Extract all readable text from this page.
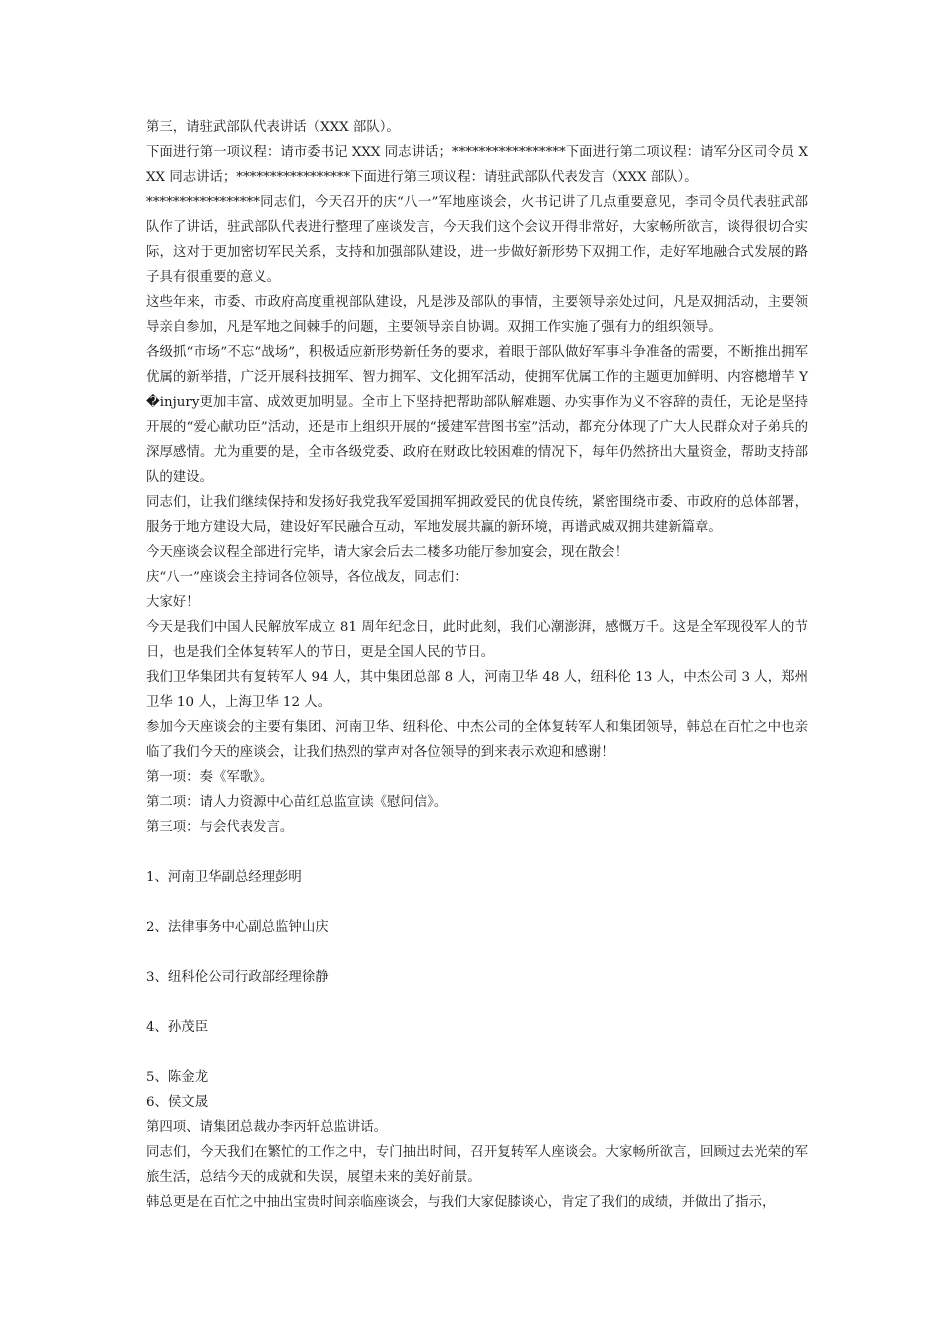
第三，请驻武部队代表讲话（XXX 部队）。

下面进行第一项议程：请市委书记 XXX 同志讲话；*****************下面进行第二项议程：请军分区司令员 XXX 同志讲话；*****************下面进行第三项议程：请驻武部队代表发言（XXX 部队）。

*****************同志们，今天召开的庆“八一”军地座谈会，火书记讲了几点重要意见，李司令员代表驻武部队作了讲话，驻武部队代表进行整理了座谈发言，今天我们这个会议开得非常好，大家畅所欲言，谈得很切合实际，这对于更加密切军民关系，支持和加强部队建设，进一步做好新形势下双拥工作，走好军地融合式发展的路子具有很重要的意义。

这些年来，市委、市政府高度重视部队建设，凡是涉及部队的事情，主要领导亲处过问，凡是双拥活动，主要领导亲自参加，凡是军地之间棘手的问题，主要领导亲自协调。双拥工作实施了强有力的组织领导。

各级抓“市场”不忘“战场”，积极适应新形势新任务的要求，着眼于部队做好军事斗争准备的需要，不断推出拥军优属的新举措，广泛开展科技拥军、智力拥军、文化拥军活动，使拥军优属工作的主题更加鲜明、内容樬增芉 Y �injury更加丰富、成效更加明显。全市上下坚持把帮助部队解难题、办实事作为义不容辞的责任，无论是坚持开展的“爱心献功臣”活动，还是市上组织开展的“援建军营图书室”活动，都充分体现了广大人民群众对子弟兵的深厚感情。尤为重要的是，全市各级党委、政府在财政比较困难的情况下，每年仍然挤出大量资金，帮助支持部队的建设。

同志们，让我们继续保持和发扬好我党我军爱国拥军拥政爱民的优良传统，紧密围绕市委、市政府的总体部署，服务于地方建设大局，建设好军民融合互动，军地发展共赢的新环境，再谱武威双拥共建新篇章。

今天座谈会议程全部进行完毕，请大家会后去二楼多功能厅参加宴会，现在散会！

庆“八一”座谈会主持词各位领导，各位战友，同志们：

大家好！

今天是我们中国人民解放军成立 81 周年纪念日，此时此刻，我们心潮澎湃，感慨万千。这是全军现役军人的节日，也是我们全体复转军人的节日，更是全国人民的节日。

我们卫华集团共有复转军人 94 人，其中集团总部 8 人，河南卫华 48 人，纽科伦 13 人，中杰公司 3 人，郑州卫华 10 人，上海卫华 12 人。

参加今天座谈会的主要有集团、河南卫华、纽科伦、中杰公司的全体复转军人和集团领导，韩总在百忙之中也亲临了我们今天的座谈会，让我们热烈的掌声对各位领导的到来表示欢迎和感谢！

第一项：奏《军歌》。

第二项：请人力资源中心苗红总监宣读《慰问信》。

第三项：与会代表发言。

1、河南卫华副总经理彭明

2、法律事务中心副总监钟山庆

3、纽科伦公司行政部经理徐静

4、孙茂臣

5、陈金龙

6、侯文晟

第四项、请集团总裁办李丙轩总监讲话。

同志们，今天我们在繁忙的工作之中，专门抽出时间，召开复转军人座谈会。大家畅所欲言，回顾过去光荣的军旅生活，总结今天的成就和失误，展望未来的美好前景。

韩总更是在百忙之中抽出宝贵时间亲临座谈会，与我们大家促膝谈心，肯定了我们的成绩，并做出了指示，
